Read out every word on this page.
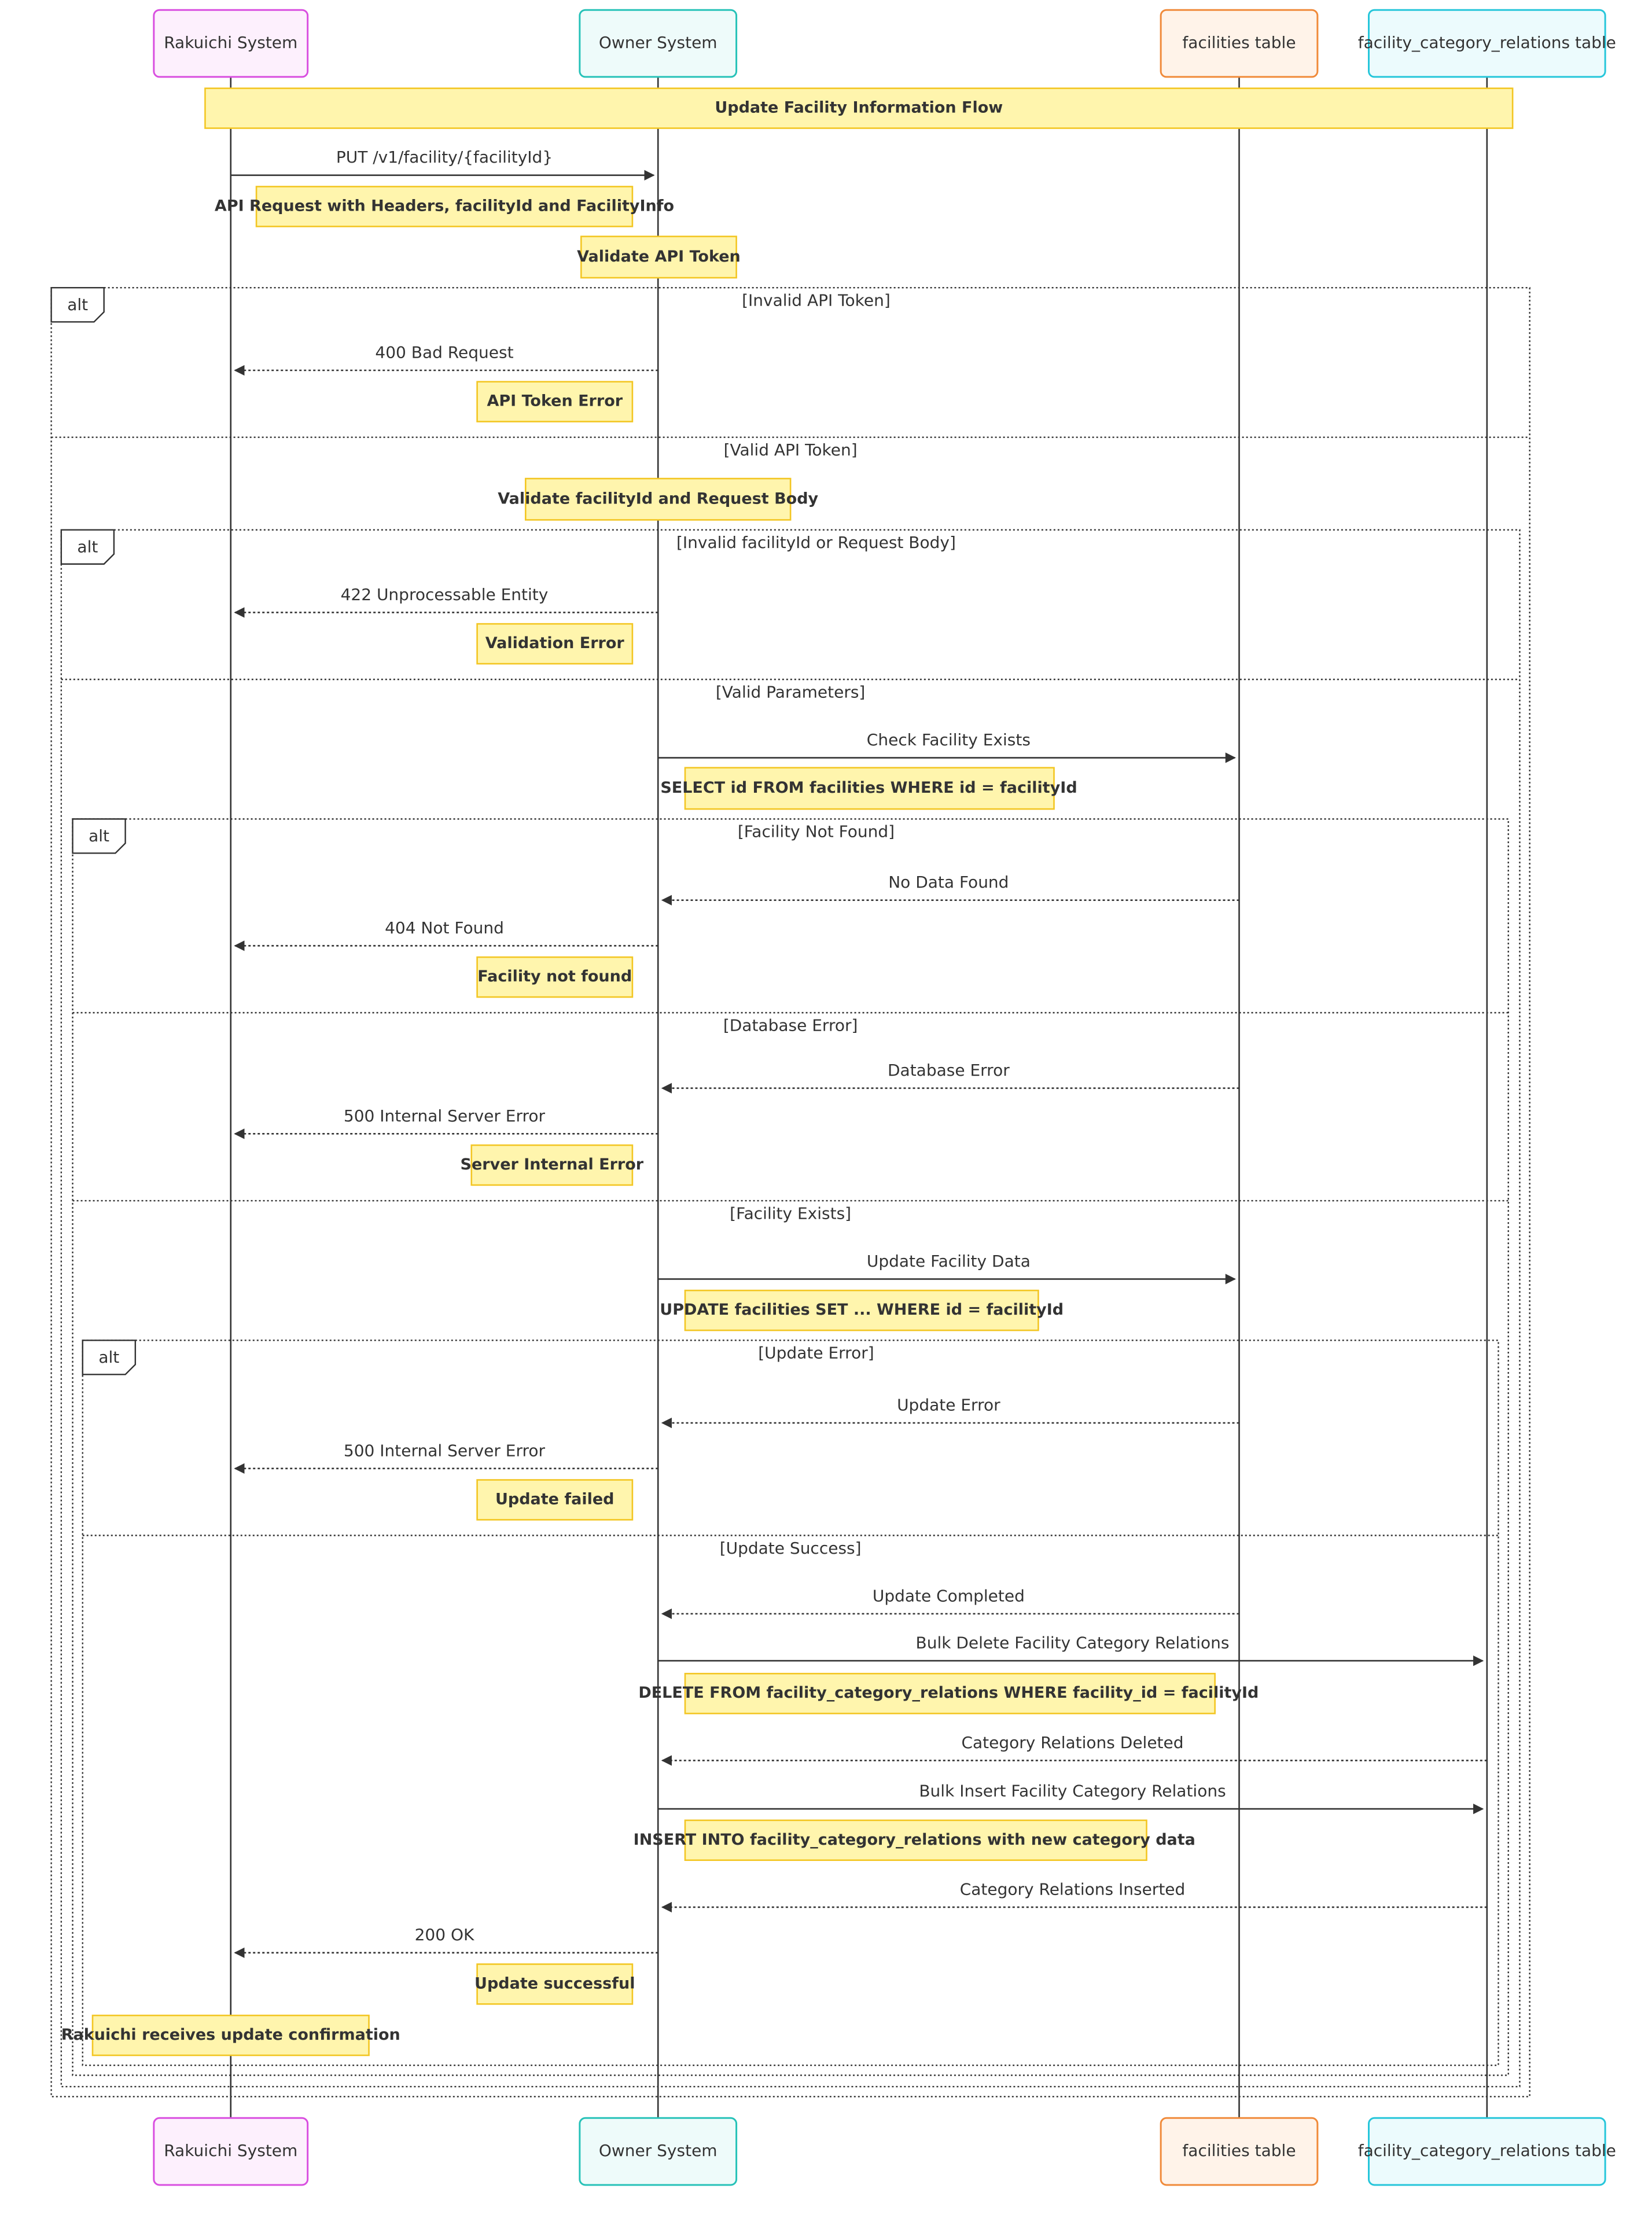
alt	[Invalid API Token]
[Valid API Token]
alt	[Invalid facilityId or Request Body]
[Valid Parameters]
alt	[Facility Not Found]
[Database Error]
[Facility Exists]
alt	[Update Error]
[Update Success]
Update Facility Information Flow
API Request with Headers, facilityId and FacilityInfo
Validate API Token
API Token Error
Validate facilityId and Request Body
Validation Error
SELECT id FROM facilities WHERE id = facilityId
Facility not found
Server Internal Error
UPDATE facilities SET ... WHERE id = facilityId
Update failed
DELETE FROM facility_category_relations WHERE facility_id = facilityId
INSERT INTO facility_category_relations with new category data
Update successful
Rakuichi receives update confirmation
PUT /v1/facility/{facilityId}
400 Bad Request
422 Unprocessable Entity
Check Facility Exists
No Data Found
404 Not Found
Database Error
500 Internal Server Error
Update Facility Data
Update Error
500 Internal Server Error
Update Completed
Bulk Delete Facility Category Relations
Category Relations Deleted
Bulk Insert Facility Category Relations
Category Relations Inserted
200 OK
Rakuichi System
Rakuichi System
Owner System
Owner System
facilities table
facilities table
facility_category_relations table
facility_category_relations table
